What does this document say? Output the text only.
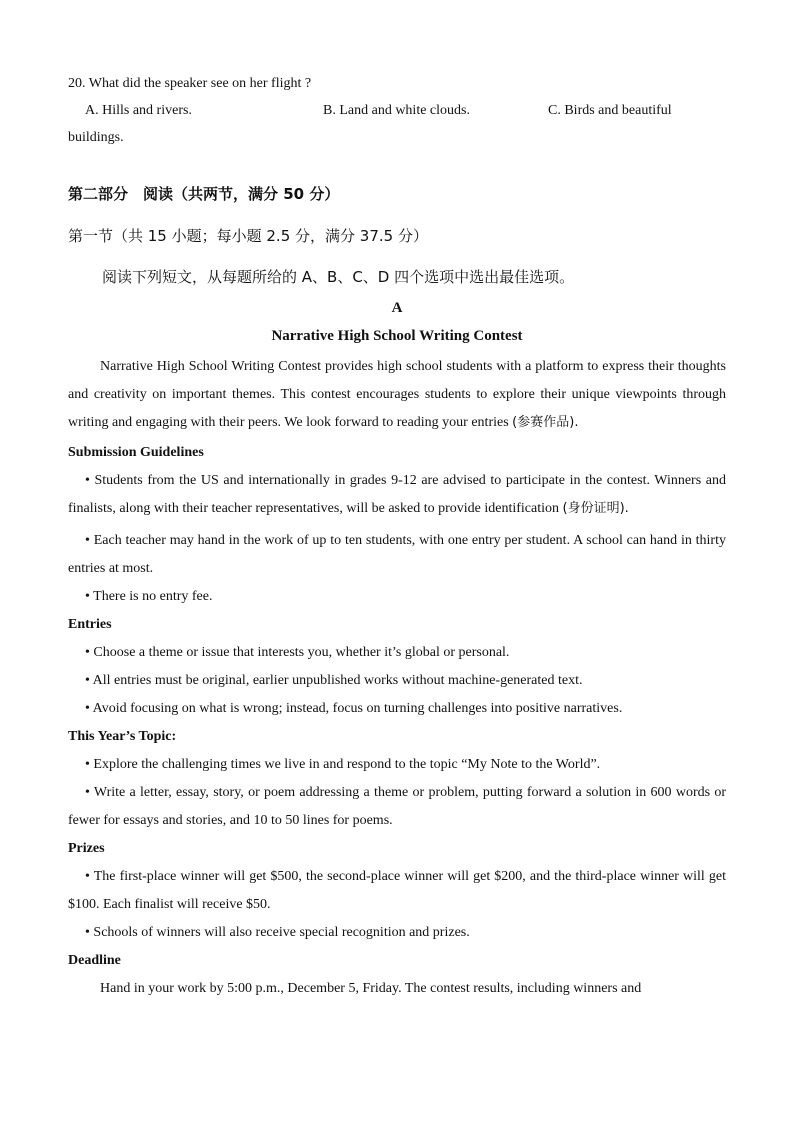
20. What did the speaker see on her flight ?
A. Hills and rivers.	B. Land and white clouds.	C. Birds and beautiful
buildings.
第二部分　阅读（共两节，满分 50 分）
第一节（共 15 小题；每小题 2.5 分，满分 37.5 分）
阅读下列短文，从每题所给的 A、B、C、D 四个选项中选出最佳选项。
A
Narrative High School Writing Contest

Narrative High School Writing Contest provides high school students with a platform to express their thoughts and creativity on important themes. This contest encourages students to explore their unique viewpoints through writing and engaging with their peers. We look forward to reading your entries (参赛作品).

Submission Guidelines

• Students from the US and internationally in grades 9-12 are advised to participate in the contest. Winners and finalists, along with their teacher representatives, will be asked to provide identification (身份证明).

• Each teacher may hand in the work of up to ten students, with one entry per student. A school can hand in thirty entries at most.

• There is no entry fee.

Entries

• Choose a theme or issue that interests you, whether it’s global or personal.

• All entries must be original, earlier unpublished works without machine-generated text.

• Avoid focusing on what is wrong; instead, focus on turning challenges into positive narratives.

This Year’s Topic:

• Explore the challenging times we live in and respond to the topic “My Note to the World”.

• Write a letter, essay, story, or poem addressing a theme or problem, putting forward a solution in 600 words or fewer for essays and stories, and 10 to 50 lines for poems.

Prizes

• The first-place winner will get $500, the second-place winner will get $200, and the third-place winner will get $100. Each finalist will receive $50.

• Schools of winners will also receive special recognition and prizes.

Deadline

Hand in your work by 5:00 p.m., December 5, Friday. The contest results, including winners and
